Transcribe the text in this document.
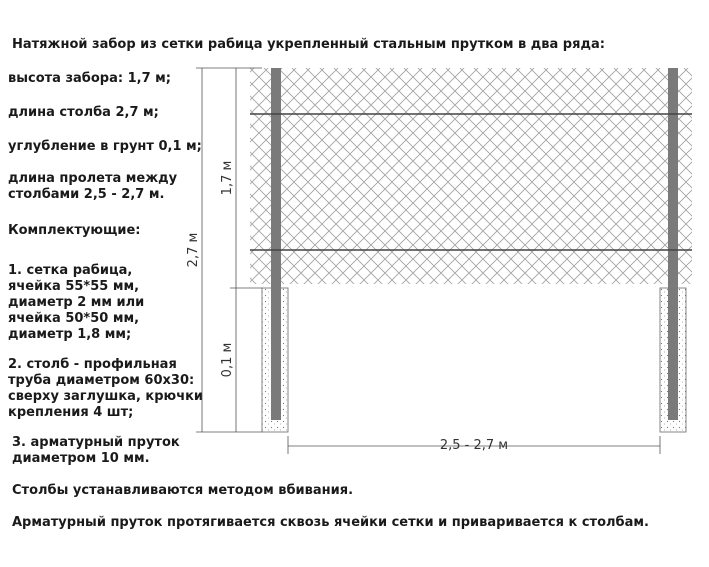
Натяжной забор из сетки рабица укрепленный стальным прутком в два ряда:
высота забора: 1,7 м;
длина столба 2,7 м;
углубление в грунт 0,1 м;
длина пролета между
столбами 2,5 - 2,7 м.
Комплектующие:
1. сетка рабица,
ячейка 55*55 мм,
диаметр 2 мм или
ячейка 50*50 мм,
диаметр 1,8 мм;
2. столб - профильная
труба диаметром 60х30:
сверху заглушка, крючки
крепления 4 шт;
3. арматурный пруток
диаметром 10 мм.
Столбы устанавливаются методом вбивания.
Арматурный пруток протягивается сквозь ячейки сетки и приваривается к столбам.
2,7 м
1,7 м
0,1 м
2,5 - 2,7 м
